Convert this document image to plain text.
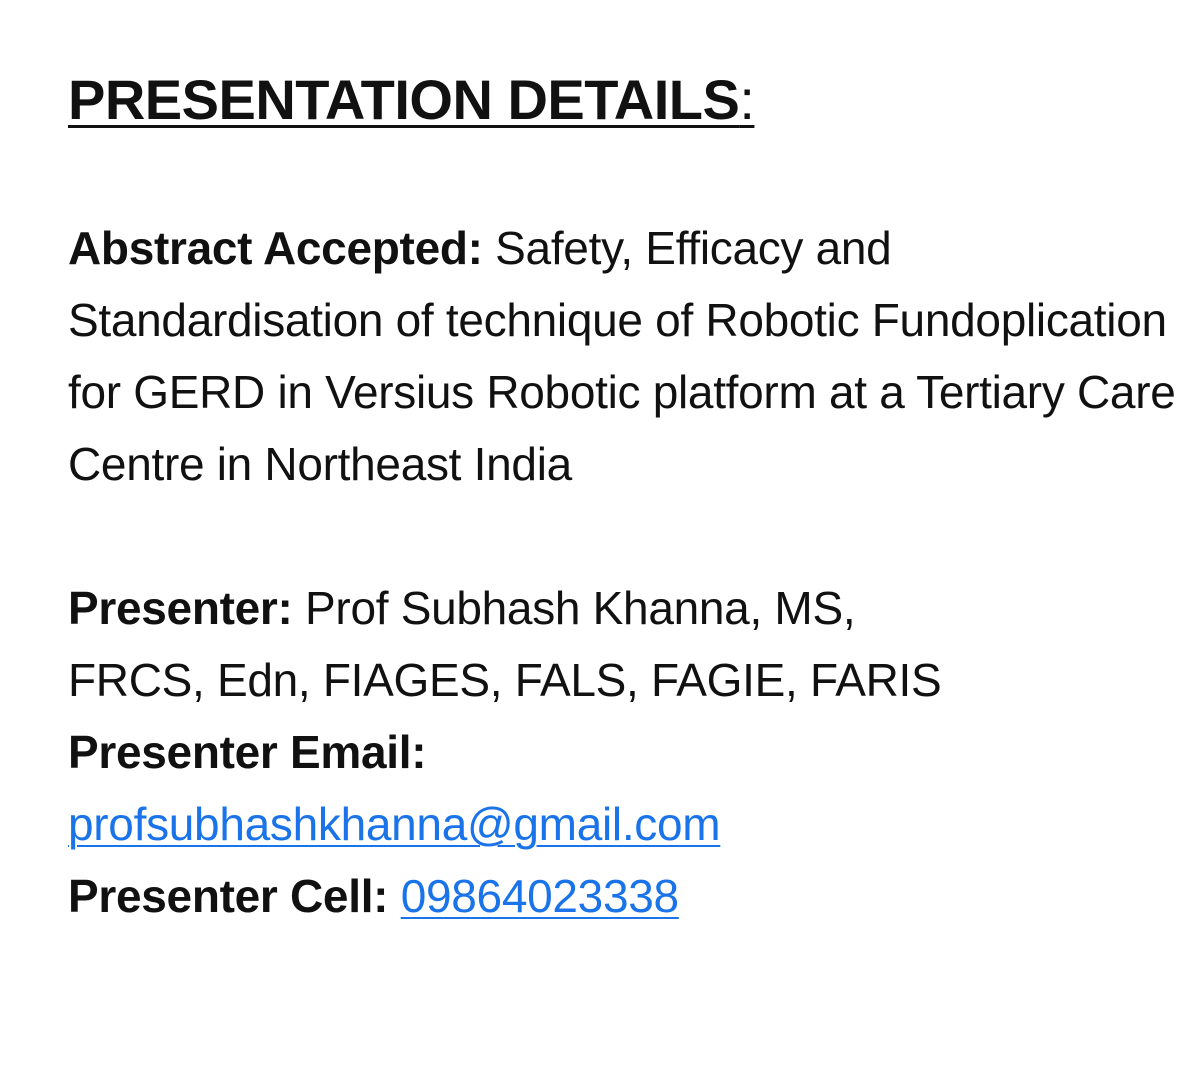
PRESENTATION DETAILS:

Abstract Accepted: Safety, Efficacy and Standardisation of technique of Robotic Fundoplication for GERD in Versius Robotic platform at a Tertiary Care Centre in Northeast India

Presenter: Prof Subhash Khanna, MS,
FRCS, Edn, FIAGES, FALS, FAGIE, FARIS
Presenter Email:
profsubhashkhanna@gmail.com
Presenter Cell: 09864023338
